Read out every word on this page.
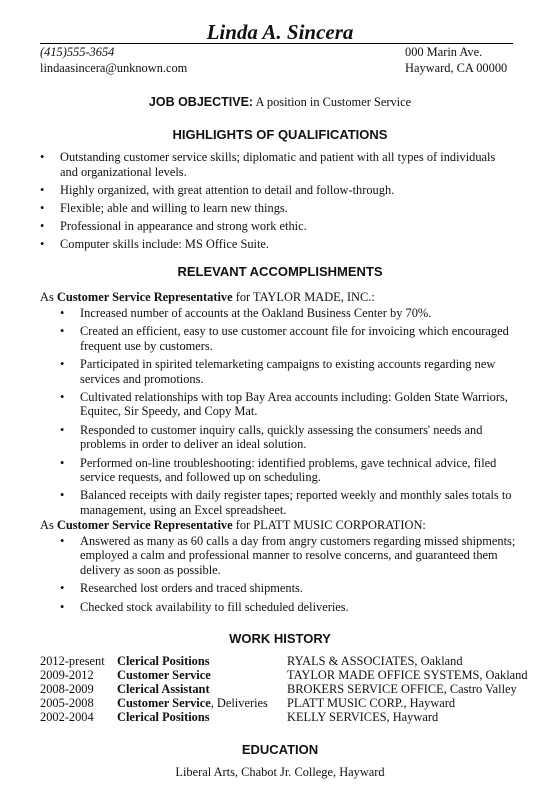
Linda A. Sincera
(415)555-3654	000 Marin Ave.
lindaasincera@unknown.com	Hayward, CA 00000
JOB OBJECTIVE: A position in Customer Service
HIGHLIGHTS OF QUALIFICATIONS
• Outstanding customer service skills; diplomatic and patient with all types of individuals and organizational levels.
• Highly organized, with great attention to detail and follow-through.
• Flexible; able and willing to learn new things.
• Professional in appearance and strong work ethic.
• Computer skills include: MS Office Suite.
RELEVANT ACCOMPLISHMENTS
As Customer Service Representative for TAYLOR MADE, INC.:
• Increased number of accounts at the Oakland Business Center by 70%.
• Created an efficient, easy to use customer account file for invoicing which encouraged frequent use by customers.
• Participated in spirited telemarketing campaigns to existing accounts regarding new services and promotions.
• Cultivated relationships with top Bay Area accounts including: Golden State Warriors, Equitec, Sir Speedy, and Copy Mat.
• Responded to customer inquiry calls, quickly assessing the consumers' needs and problems in order to deliver an ideal solution.
• Performed on-line troubleshooting: identified problems, gave technical advice, filed service requests, and followed up on scheduling.
• Balanced receipts with daily register tapes; reported weekly and monthly sales totals to management, using an Excel spreadsheet.
As Customer Service Representative for PLATT MUSIC CORPORATION:
• Answered as many as 60 calls a day from angry customers regarding missed shipments; employed a calm and professional manner to resolve concerns, and guaranteed them delivery as soon as possible.
• Researched lost orders and traced shipments.
• Checked stock availability to fill scheduled deliveries.
WORK HISTORY
2012-present	Clerical Positions	RYALS & ASSOCIATES, Oakland
2009-2012	Customer Service	TAYLOR MADE OFFICE SYSTEMS, Oakland
2008-2009	Clerical Assistant	BROKERS SERVICE OFFICE, Castro Valley
2005-2008	Customer Service, Deliveries	PLATT MUSIC CORP., Hayward
2002-2004	Clerical Positions	KELLY SERVICES, Hayward
EDUCATION
Liberal Arts, Chabot Jr. College, Hayward
